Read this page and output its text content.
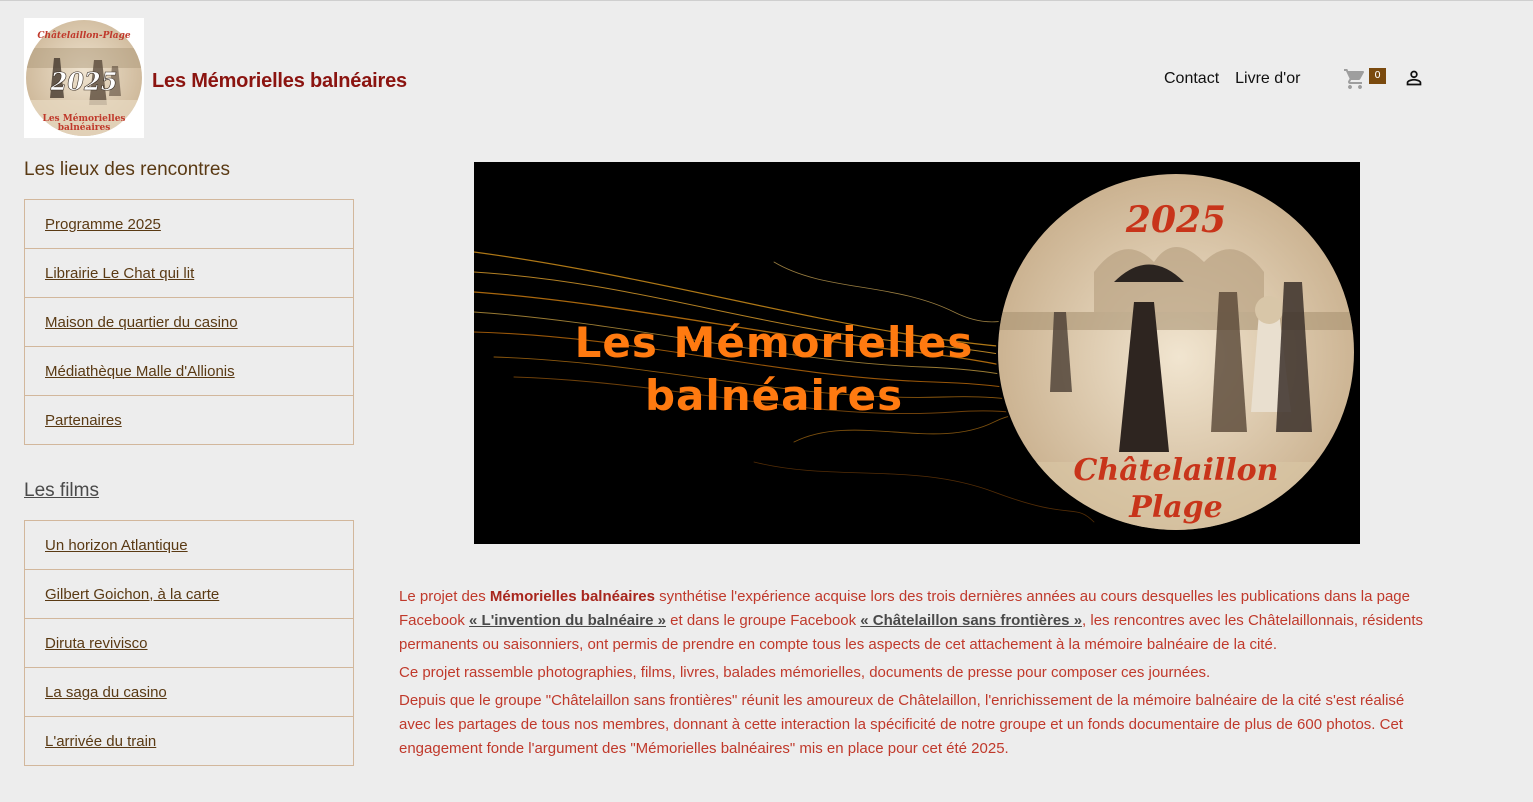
Châtelaillon-Plage
2025
Les Mémorielles
balnéaires
Les Mémorielles balnéaires	Contact Livre d'or	0
Les lieux des rencontres
Programme 2025
Librairie Le Chat qui lit
Maison de quartier du casino
Médiathèque Malle d'Allionis
Partenaires
Les films
Un horizon Atlantique
Gilbert Goichon, à la carte
Diruta revivisco
La saga du casino
L'arrivée du train
Les Mémorielles
balnéaires
2025
Châtelaillon
Plage

Le projet des Mémorielles balnéaires synthétise l'expérience acquise lors des trois dernières années au cours desquelles les publications dans la page Facebook « L'invention du balnéaire » et dans le groupe Facebook « Châtelaillon sans frontières », les rencontres avec les Châtelaillonnais, résidents permanents ou saisonniers, ont permis de prendre en compte tous les aspects de cet attachement à la mémoire balnéaire de la cité.

Ce projet rassemble photographies, films, livres, balades mémorielles, documents de presse pour composer ces journées.

Depuis que le groupe "Châtelaillon sans frontières" réunit les amoureux de Châtelaillon, l'enrichissement de la mémoire balnéaire de la cité s'est réalisé avec les partages de tous nos membres, donnant à cette interaction la spécificité de notre groupe et un fonds documentaire de plus de 600 photos. Cet engagement fonde l'argument des "Mémorielles balnéaires" mis en place pour cet été 2025.
